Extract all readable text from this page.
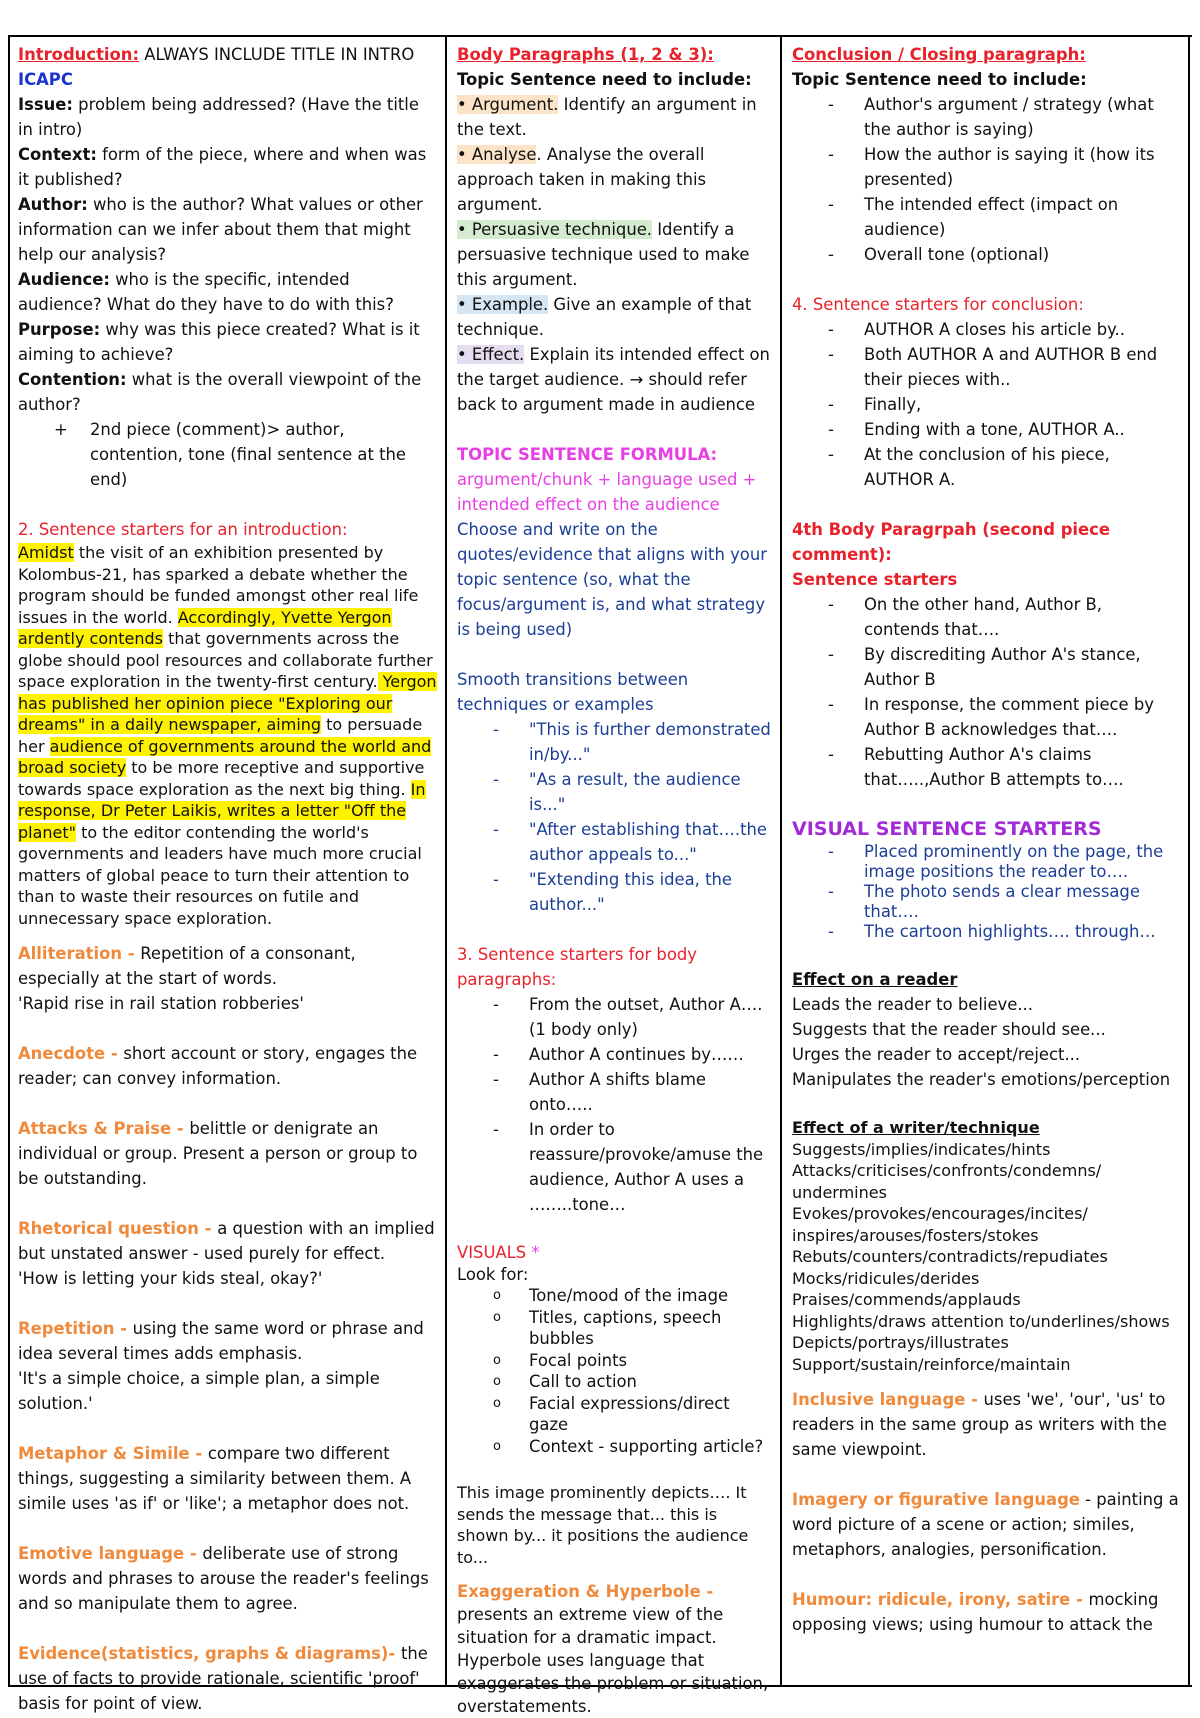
Introduction: ALWAYS INCLUDE TITLE IN INTRO

ICAPC

Issue: problem being addressed? (Have the title in intro)

Context: form of the piece, where and when was it published?

Author: who is the author? What values or other information can we infer about them that might help our analysis?

Audience: who is the specific, intended audience? What do they have to do with this?

Purpose: why was this piece created? What is it aiming to achieve?

Contention: what is the overall viewpoint of the author?

+ 2nd piece (comment)> author, contention, tone (final sentence at the end)

2. Sentence starters for an introduction:

Amidst the visit of an exhibition presented by Kolombus-21, has sparked a debate whether the program should be funded amongst other real life issues in the world. Accordingly, Yvette Yergon ardently contends that governments across the globe should pool resources and collaborate further space exploration in the twenty-first century. Yergon has published her opinion piece "Exploring our dreams" in a daily newspaper, aiming to persuade her audience of governments around the world and broad society to be more receptive and supportive towards space exploration as the next big thing. In response, Dr Peter Laikis, writes a letter "Off the planet" to the editor contending the world's governments and leaders have much more crucial matters of global peace to turn their attention to than to waste their resources on futile and unnecessary space exploration.

Alliteration - Repetition of a consonant, especially at the start of words.

'Rapid rise in rail station robberies'

Anecdote - short account or story, engages the reader; can convey information.

Attacks & Praise - belittle or denigrate an individual or group. Present a person or group to be outstanding.

Rhetorical question - a question with an implied but unstated answer - used purely for effect.

'How is letting your kids steal, okay?'

Repetition - using the same word or phrase and idea several times adds emphasis.

'It's a simple choice, a simple plan, a simple solution.'

Metaphor & Simile - compare two different things, suggesting a similarity between them. A simile uses 'as if' or 'like'; a metaphor does not.

Emotive language - deliberate use of strong words and phrases to arouse the reader's feelings and so manipulate them to agree.

Evidence(statistics, graphs & diagrams)- the use of facts to provide rationale, scientific 'proof' basis for point of view.

Body Paragraphs (1, 2 & 3):

Topic Sentence need to include:

• Argument. Identify an argument in the text.

• Analyse. Analyse the overall approach taken in making this argument.

• Persuasive technique. Identify a persuasive technique used to make this argument.

• Example. Give an example of that technique.

• Effect. Explain its intended effect on the target audience. → should refer back to argument made in audience

TOPIC SENTENCE FORMULA:

argument/chunk + language used + intended effect on the audience

Choose and write on the quotes/evidence that aligns with your topic sentence (so, what the focus/argument is, and what strategy is being used)

Smooth transitions between techniques or examples

- "This is further demonstrated in/by..."
- "As a result, the audience is..."
- "After establishing that….the author appeals to..."
- "Extending this idea, the author..."

3. Sentence starters for body paragraphs:

- From the outset, Author A…. (1 body only)
- Author A continues by……
- Author A shifts blame onto…..
- In order to reassure/provoke/amuse the audience, Author A uses a ……..tone…

VISUALS *

Look for:

o Tone/mood of the image
o Titles, captions, speech bubbles
o Focal points
o Call to action
o Facial expressions/direct gaze
o Context - supporting article?

This image prominently depicts…. It sends the message that... this is shown by... it positions the audience to...

Exaggeration & Hyperbole - presents an extreme view of the situation for a dramatic impact. Hyperbole uses language that exaggerates the problem or situation, overstatements.

Conclusion / Closing paragraph:

Topic Sentence need to include:

- Author's argument / strategy (what the author is saying)
- How the author is saying it (how its presented)
- The intended effect (impact on audience)
- Overall tone (optional)

4. Sentence starters for conclusion:

- AUTHOR A closes his article by..
- Both AUTHOR A and AUTHOR B end their pieces with..
- Finally,
- Ending with a tone, AUTHOR A..
- At the conclusion of his piece, AUTHOR A.

4th Body Paragrpah (second piece comment):

Sentence starters

- On the other hand, Author B, contends that….
- By discrediting Author A's stance, Author B
- In response, the comment piece by Author B acknowledges that….
- Rebutting Author A's claims that…..,Author B attempts to….

VISUAL SENTENCE STARTERS

- Placed prominently on the page, the image positions the reader to….
- The photo sends a clear message that….
- The cartoon highlights…. through…

Effect on a reader

Leads the reader to believe...

Suggests that the reader should see...

Urges the reader to accept/reject...

Manipulates the reader's emotions/perception

Effect of a writer/technique

Suggests/implies/indicates/hints

Attacks/criticises/confronts/condemns/ undermines

Evokes/provokes/encourages/incites/ inspires/arouses/fosters/stokes

Rebuts/counters/contradicts/repudiates

Mocks/ridicules/derides

Praises/commends/applauds

Highlights/draws attention to/underlines/shows

Depicts/portrays/illustrates

Support/sustain/reinforce/maintain

Inclusive language - uses 'we', 'our', 'us' to readers in the same group as writers with the same viewpoint.

Imagery or figurative language - painting a word picture of a scene or action; similes, metaphors, analogies, personification.

Humour: ridicule, irony, satire - mocking opposing views; using humour to attack the
